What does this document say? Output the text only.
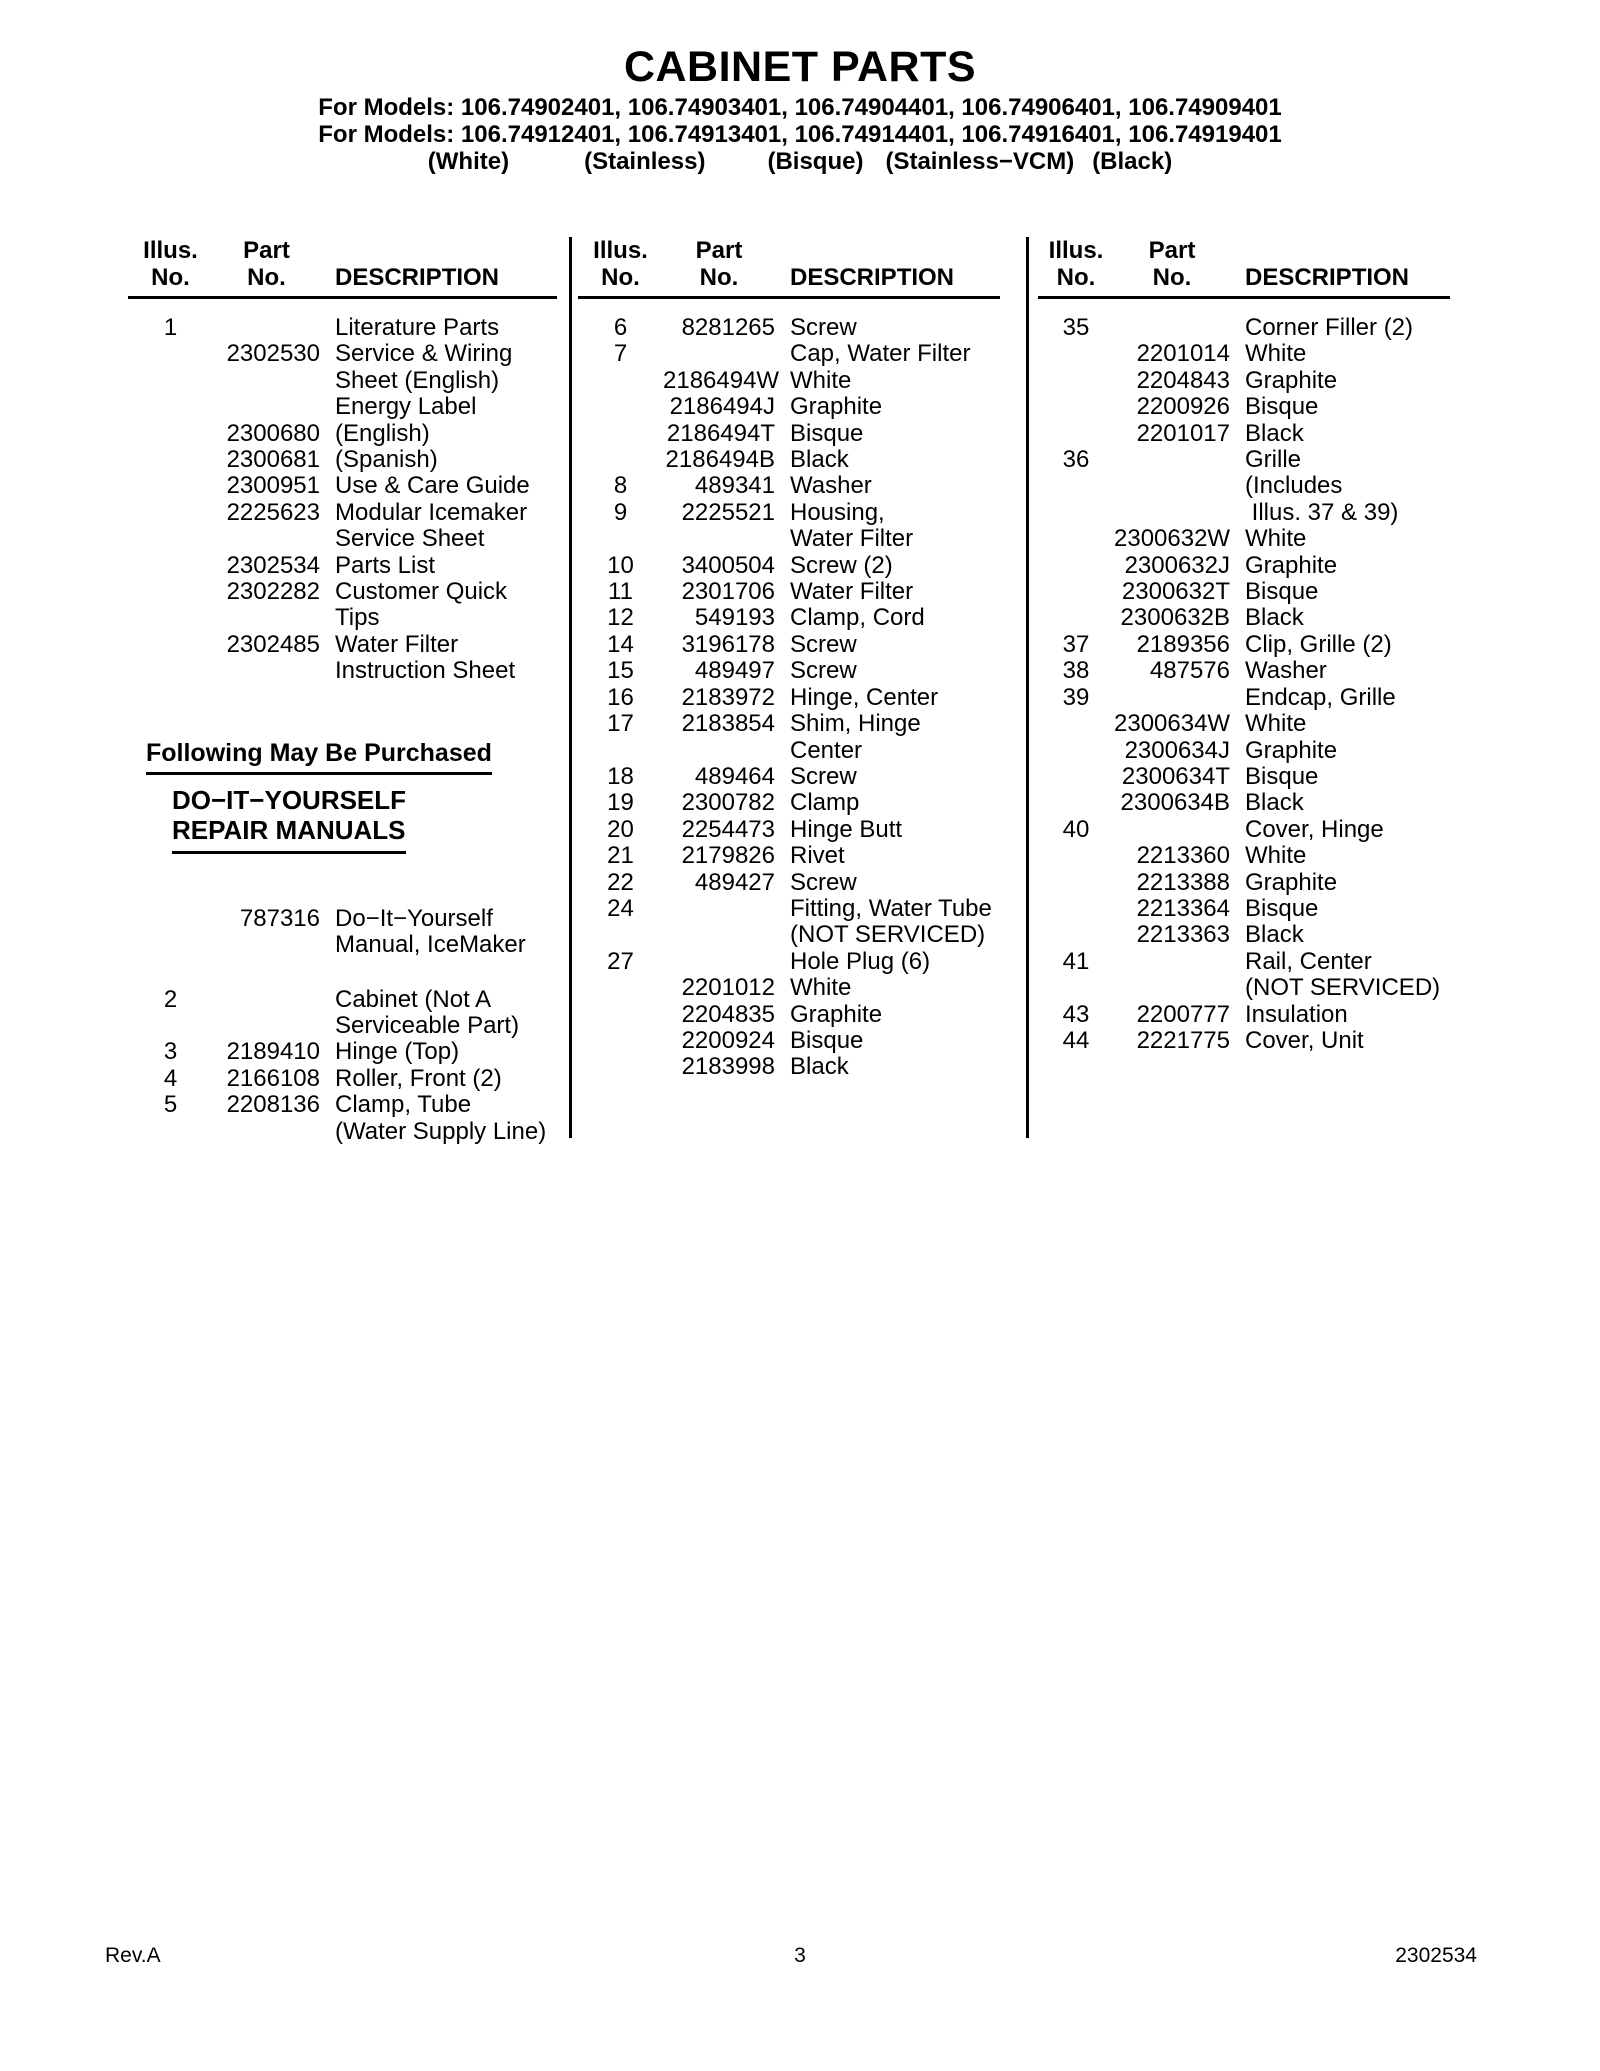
CABINET PARTS
For Models: 106.74902401, 106.74903401, 106.74904401, 106.74906401, 106.74909401
For Models: 106.74912401, 106.74913401, 106.74914401, 106.74916401, 106.74919401
(White)	(Stainless)	(Bisque) (Stainless−VCM) (Black)
Illus.	Part
No.	No.	DESCRIPTION
1	Literature Parts
2302530 Service & Wiring
Sheet (English)
Energy Label
2300680 (English)
2300681 (Spanish)
2300951 Use & Care Guide
2225623 Modular Icemaker
Service Sheet
2302534 Parts List
2302282 Customer Quick
Tips
2302485 Water Filter
Instruction Sheet
Following May Be Purchased
DO−IT−YOURSELF
REPAIR MANUALS
787316 Do−It−Yourself
Manual, IceMaker
2	Cabinet (Not A
Serviceable Part)
3	2189410 Hinge (Top)
4	2166108 Roller, Front (2)
5	2208136 Clamp, Tube
(Water Supply Line)
Illus.	Part
No.	No.	DESCRIPTION
6	8281265 Screw
7	Cap, Water Filter
2186494W White
2186494J Graphite
2186494T Bisque
2186494B Black
8	489341 Washer
9	2225521 Housing,
Water Filter
10	3400504 Screw (2)
11	2301706 Water Filter
12	549193 Clamp, Cord
14	3196178 Screw
15	489497 Screw
16	2183972 Hinge, Center
17	2183854 Shim, Hinge
Center
18	489464 Screw
19	2300782 Clamp
20	2254473 Hinge Butt
21	2179826 Rivet
22	489427 Screw
24	Fitting, Water Tube
(NOT SERVICED)
27	Hole Plug (6)
2201012 White
2204835 Graphite
2200924 Bisque
2183998 Black
Illus.	Part
No.	No.	DESCRIPTION
35	Corner Filler (2)
2201014 White
2204843 Graphite
2200926 Bisque
2201017 Black
36	Grille
(Includes
Illus. 37 & 39)
2300632W White
2300632J Graphite
2300632T Bisque
2300632B Black
37	2189356 Clip, Grille (2)
38	487576 Washer
39	Endcap, Grille
2300634W White
2300634J Graphite
2300634T Bisque
2300634B Black
40	Cover, Hinge
2213360 White
2213388 Graphite
2213364 Bisque
2213363 Black
41	Rail, Center
(NOT SERVICED)
43	2200777 Insulation
44	2221775 Cover, Unit
Rev.A	3	2302534
